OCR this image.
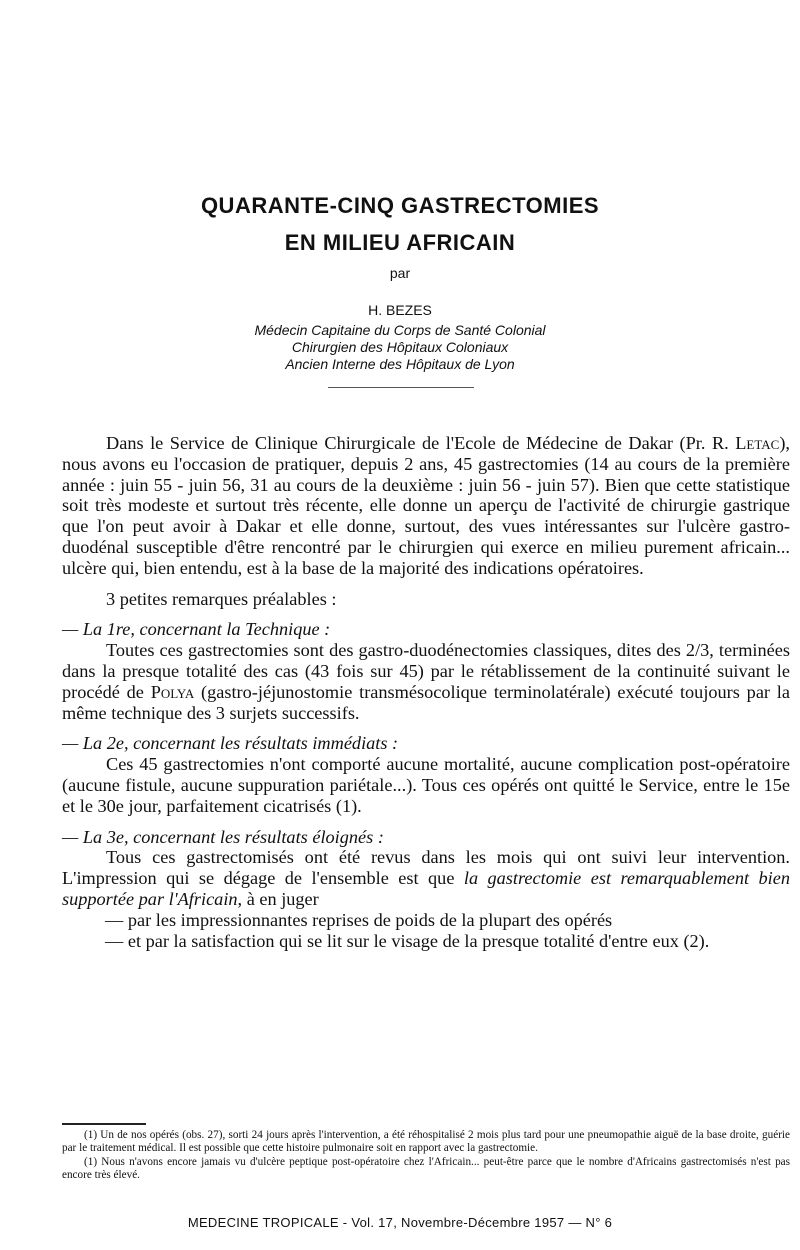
QUARANTE-CINQ GASTRECTOMIES
EN MILIEU AFRICAIN
par
H. BEZES
Médecin Capitaine du Corps de Santé Colonial
Chirurgien des Hôpitaux Coloniaux
Ancien Interne des Hôpitaux de Lyon

Dans le Service de Clinique Chirurgicale de l'Ecole de Médecine de Dakar (Pr. R. Letac), nous avons eu l'occasion de pratiquer, depuis 2 ans, 45 gastrectomies (14 au cours de la première année : juin 55 - juin 56, 31 au cours de la deuxième : juin 56 - juin 57). Bien que cette statistique soit très modeste et surtout très récente, elle donne un aperçu de l'activité de chirurgie gastrique que l'on peut avoir à Dakar et elle donne, surtout, des vues intéressantes sur l'ulcère gastro-duodénal susceptible d'être rencontré par le chirurgien qui exerce en milieu purement africain... ulcère qui, bien entendu, est à la base de la majorité des indications opératoires.

3 petites remarques préalables :

— La 1re, concernant la Technique :

Toutes ces gastrectomies sont des gastro-duodénectomies classiques, dites des 2/3, terminées dans la presque totalité des cas (43 fois sur 45) par le rétablissement de la continuité suivant le procédé de Polya (gastro-jéjunostomie transmésocolique terminolatérale) exécuté toujours par la même technique des 3 surjets successifs.

— La 2e, concernant les résultats immédiats :

Ces 45 gastrectomies n'ont comporté aucune mortalité, aucune complication post-opératoire (aucune fistule, aucune suppuration pariétale...). Tous ces opérés ont quitté le Service, entre le 15e et le 30e jour, parfaitement cicatrisés (1).

— La 3e, concernant les résultats éloignés :

Tous ces gastrectomisés ont été revus dans les mois qui ont suivi leur intervention. L'impression qui se dégage de l'ensemble est que la gastrectomie est remarquablement bien supportée par l'Africain, à en juger

— par les impressionnantes reprises de poids de la plupart des opérés
— et par la satisfaction qui se lit sur le visage de la presque totalité d'entre eux (2).

(1) Un de nos opérés (obs. 27), sorti 24 jours après l'intervention, a été réhospitalisé 2 mois plus tard pour une pneumopathie aiguë de la base droite, guérie par le traitement médical. Il est possible que cette histoire pulmonaire soit en rapport avec la gastrectomie.

(1) Nous n'avons encore jamais vu d'ulcère peptique post-opératoire chez l'Africain... peut-être parce que le nombre d'Africains gastrectomisés n'est pas encore très élevé.

MEDECINE TROPICALE - Vol. 17, Novembre-Décembre 1957 — N° 6
